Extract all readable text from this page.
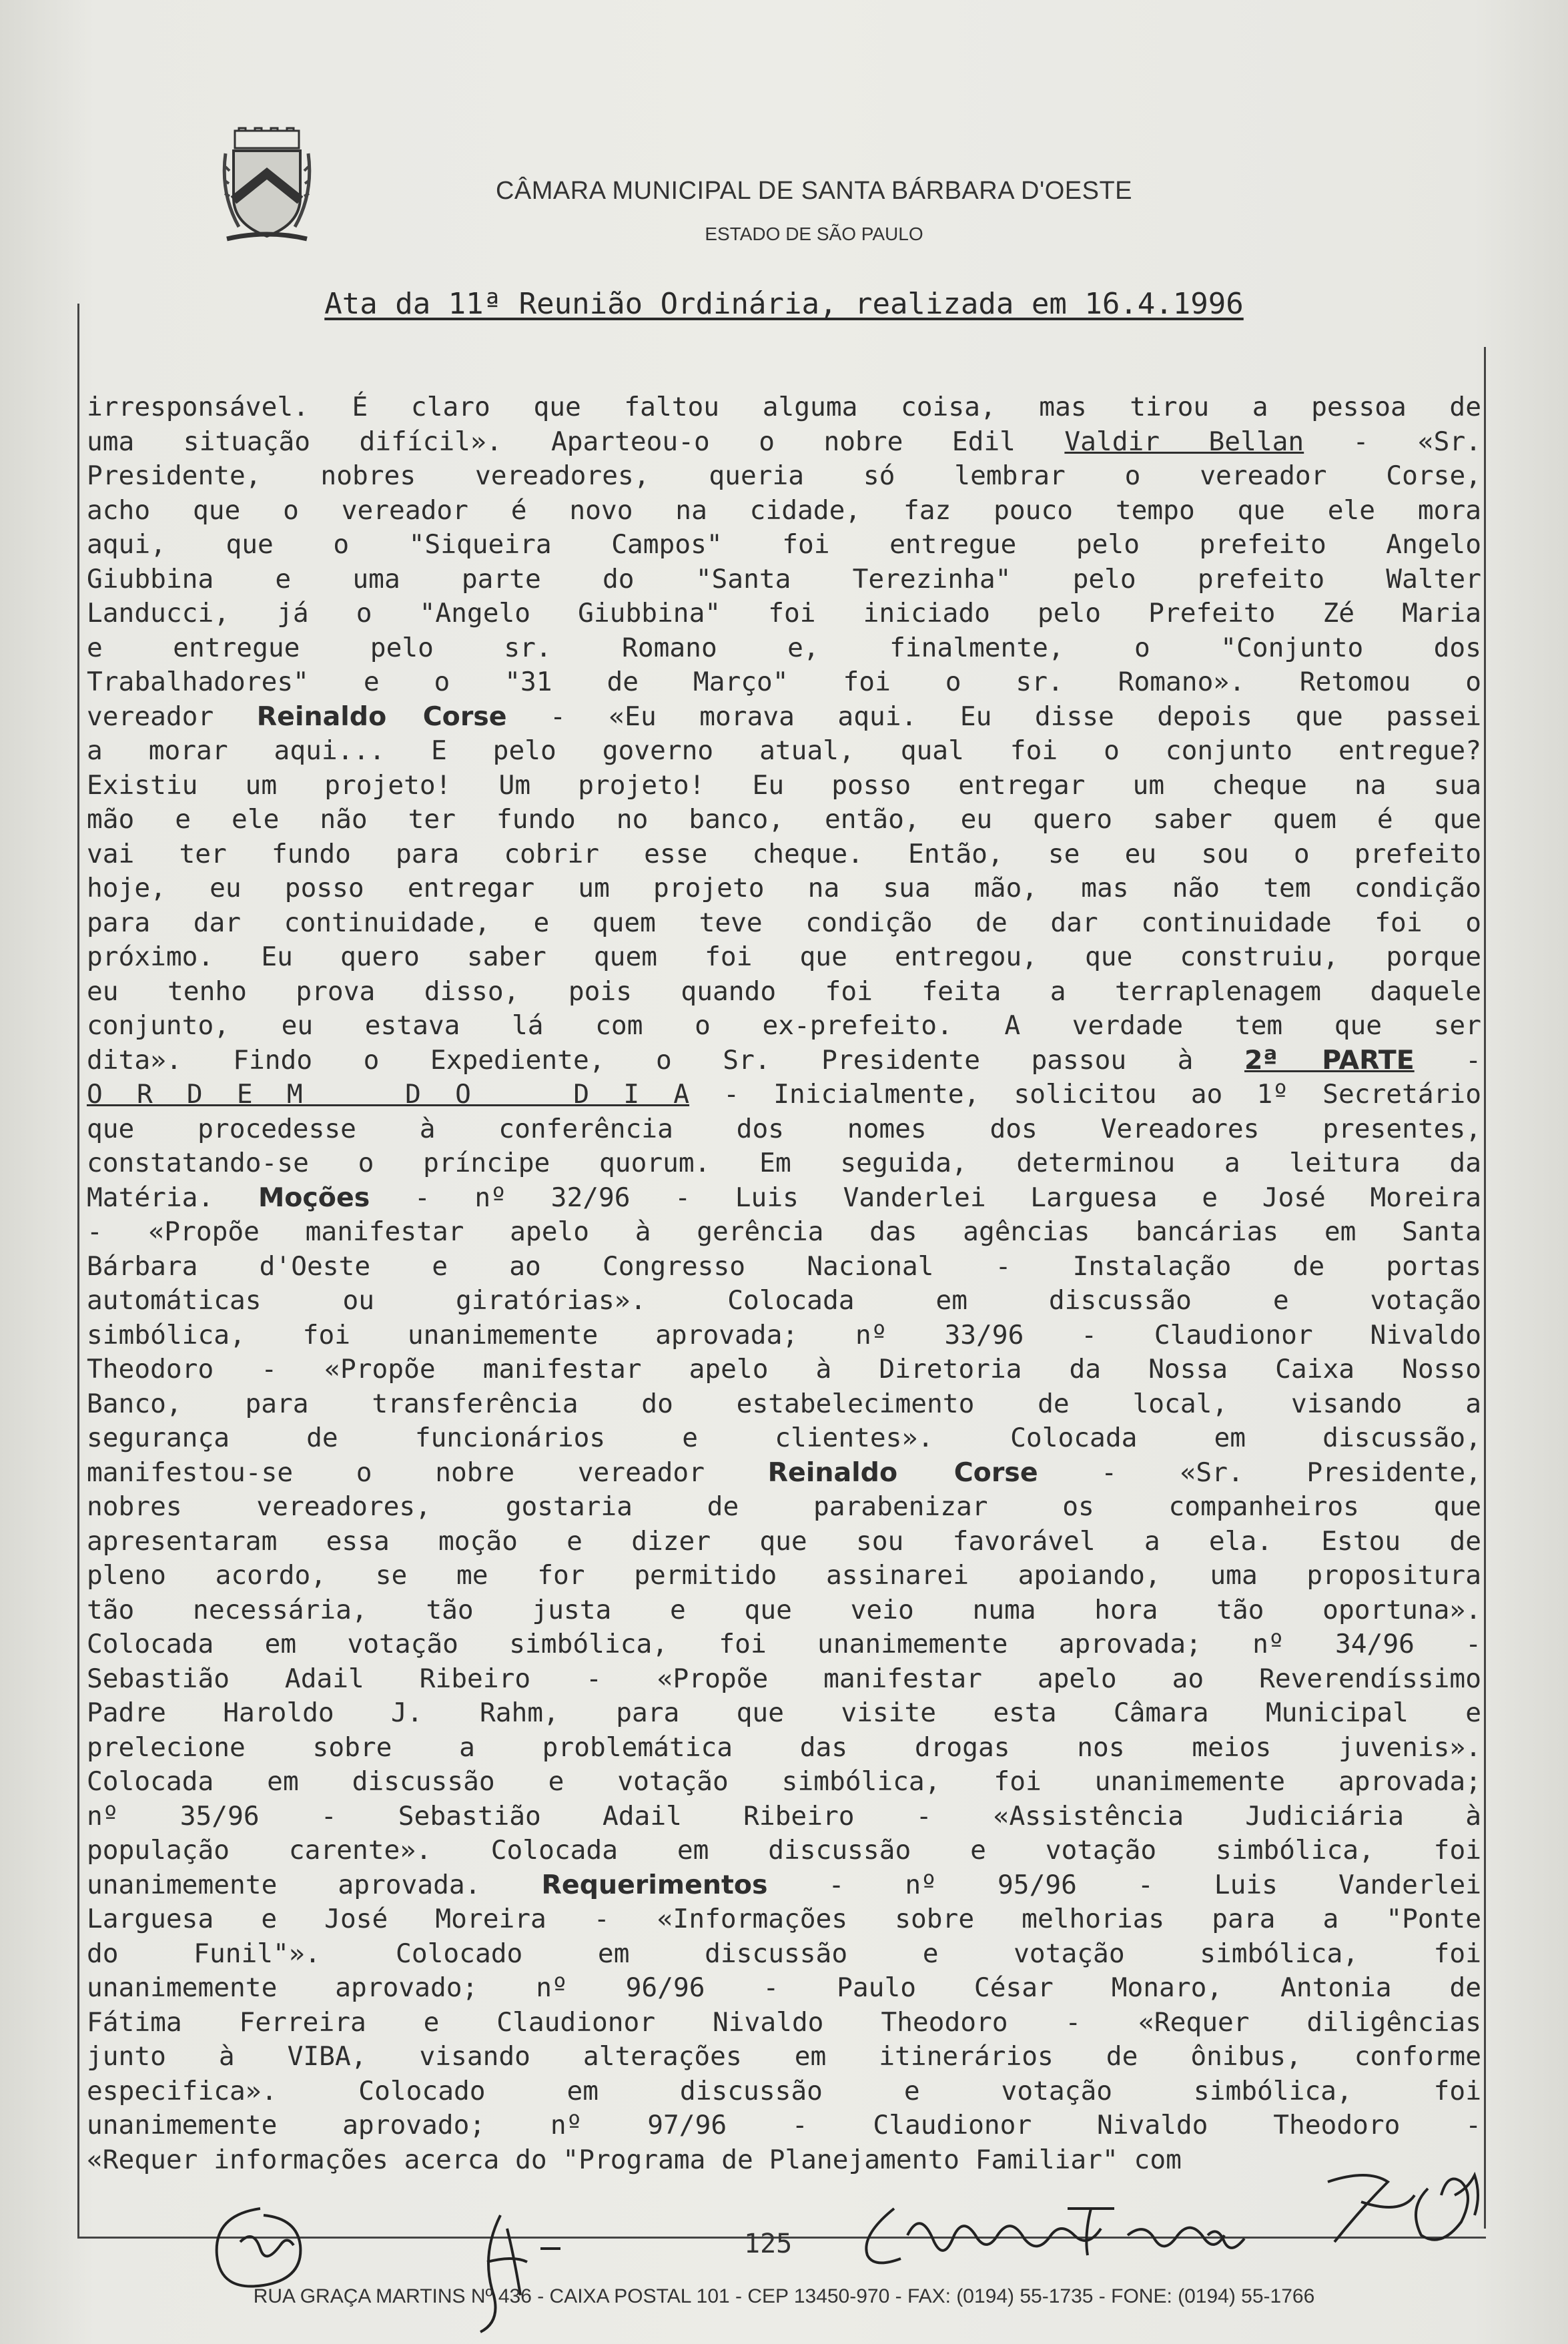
CÂMARA MUNICIPAL DE SANTA BÁRBARA D'OESTE
ESTADO DE SÃO PAULO
Ata da 11ª Reunião Ordinária, realizada em 16.4.1996
irresponsável. É claro que faltou alguma coisa, mas tirou a pessoa de
uma situação difícil». Aparteou-o o nobre Edil Valdir Bellan - «Sr.
Presidente, nobres vereadores, queria só lembrar o vereador Corse,
acho que o vereador é novo na cidade, faz pouco tempo que ele mora
aqui, que o "Siqueira Campos" foi entregue pelo prefeito Angelo
Giubbina e uma parte do "Santa Terezinha" pelo prefeito Walter
Landucci, já o "Angelo Giubbina" foi iniciado pelo Prefeito Zé Maria
e entregue pelo sr. Romano e, finalmente, o "Conjunto dos
Trabalhadores" e o "31 de Março" foi o sr. Romano». Retomou o
vereador Reinaldo Corse - «Eu morava aqui. Eu disse depois que passei
a morar aqui... E pelo governo atual, qual foi o conjunto entregue?
Existiu um projeto! Um projeto! Eu posso entregar um cheque na sua
mão e ele não ter fundo no banco, então, eu quero saber quem é que
vai ter fundo para cobrir esse cheque. Então, se eu sou o prefeito
hoje, eu posso entregar um projeto na sua mão, mas não tem condição
para dar continuidade, e quem teve condição de dar continuidade foi o
próximo. Eu quero saber quem foi que entregou, que construiu, porque
eu tenho prova disso, pois quando foi feita a terraplenagem daquele
conjunto, eu estava lá com o ex-prefeito. A verdade tem que ser
dita». Findo o Expediente, o Sr. Presidente passou à 2ª PARTE -
O R D E M   D O   D I A - Inicialmente, solicitou ao 1º Secretário
que procedesse à conferência dos nomes dos Vereadores presentes,
constatando-se o príncipe quorum. Em seguida, determinou a leitura da
Matéria. Moções - nº 32/96 - Luis Vanderlei Larguesa e José Moreira
- «Propõe manifestar apelo à gerência das agências bancárias em Santa
Bárbara d'Oeste e ao Congresso Nacional - Instalação de portas
automáticas ou giratórias». Colocada em discussão e votação
simbólica, foi unanimemente aprovada; nº 33/96 - Claudionor Nivaldo
Theodoro - «Propõe manifestar apelo à Diretoria da Nossa Caixa Nosso
Banco, para transferência do estabelecimento de local, visando a
segurança de funcionários e clientes». Colocada em discussão,
manifestou-se o nobre vereador Reinaldo Corse - «Sr. Presidente,
nobres vereadores, gostaria de parabenizar os companheiros que
apresentaram essa moção e dizer que sou favorável a ela. Estou de
pleno acordo, se me for permitido assinarei apoiando, uma propositura
tão necessária, tão justa e que veio numa hora tão oportuna».
Colocada em votação simbólica, foi unanimemente aprovada; nº 34/96 -
Sebastião Adail Ribeiro - «Propõe manifestar apelo ao Reverendíssimo
Padre Haroldo J. Rahm, para que visite esta Câmara Municipal e
prelecione sobre a problemática das drogas nos meios juvenis».
Colocada em discussão e votação simbólica, foi unanimemente aprovada;
nº 35/96 - Sebastião Adail Ribeiro - «Assistência Judiciária à
população carente». Colocada em discussão e votação simbólica, foi
unanimemente aprovada. Requerimentos - nº 95/96 - Luis Vanderlei
Larguesa e José Moreira - «Informações sobre melhorias para a "Ponte
do Funil"». Colocado em discussão e votação simbólica, foi
unanimemente aprovado; nº 96/96 - Paulo César Monaro, Antonia de
Fátima Ferreira e Claudionor Nivaldo Theodoro - «Requer diligências
junto à VIBA, visando alterações em itinerários de ônibus, conforme
especifica». Colocado em discussão e votação simbólica, foi
unanimemente aprovado; nº 97/96 - Claudionor Nivaldo Theodoro -
«Requer informações acerca do "Programa de Planejamento Familiar" com
125
RUA GRAÇA MARTINS Nº 436 - CAIXA POSTAL 101 - CEP 13450-970 - FAX: (0194) 55-1735 - FONE: (0194) 55-1766
